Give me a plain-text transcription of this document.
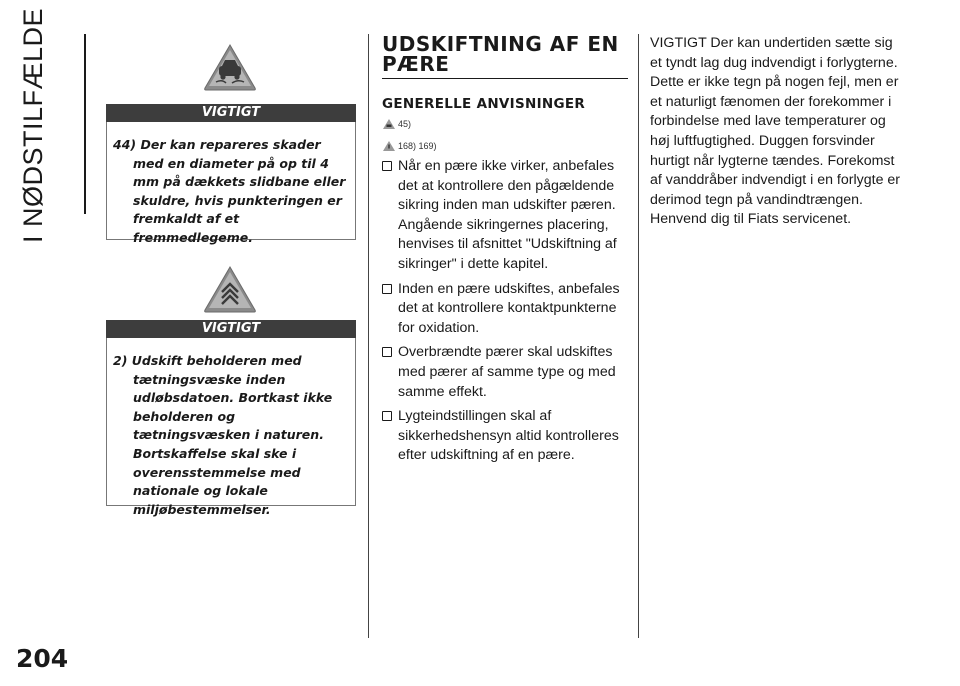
I NØDSTILFÆLDE	VIGTIGT

44) Der kan repareres skader med en diameter på op til 4 mm på dækkets slidbane eller skuldre, hvis punkteringen er fremkaldt af et fremmedlegeme.

VIGTIGT

2) Udskift beholderen med tætningsvæske inden udløbsdatoen. Bortkast ikke beholderen og tætningsvæsken i naturen. Bortskaffelse skal ske i overensstemmelse med nationale og lokale miljøbestemmelser.

UDSKIFTNING AF EN PÆRE
GENERELLE ANVISNINGER
45)
168) 169)
Når en pære ikke virker, anbefales det at kontrollere den pågældende sikring inden man udskifter pæren. Angående sikringernes placering, henvises til afsnittet "Udskiftning af sikringer" i dette kapitel.
Inden en pære udskiftes, anbefales det at kontrollere kontaktpunkterne for oxidation.
Overbrændte pærer skal udskiftes med pærer af samme type og med samme effekt.
Lygteindstillingen skal af sikkerhedshensyn altid kontrolleres efter udskiftning af en pære.

VIGTIGT Der kan undertiden sætte sig et tyndt lag dug indvendigt i forlygterne. Dette er ikke tegn på nogen fejl, men er et naturligt fænomen der forekommer i forbindelse med lave temperaturer og høj luftfugtighed. Duggen forsvinder hurtigt når lygterne tændes. Forekomst af vanddråber indvendigt i en forlygte er derimod tegn på vandindtrængen. Henvend dig til Fiats servicenet.

204
